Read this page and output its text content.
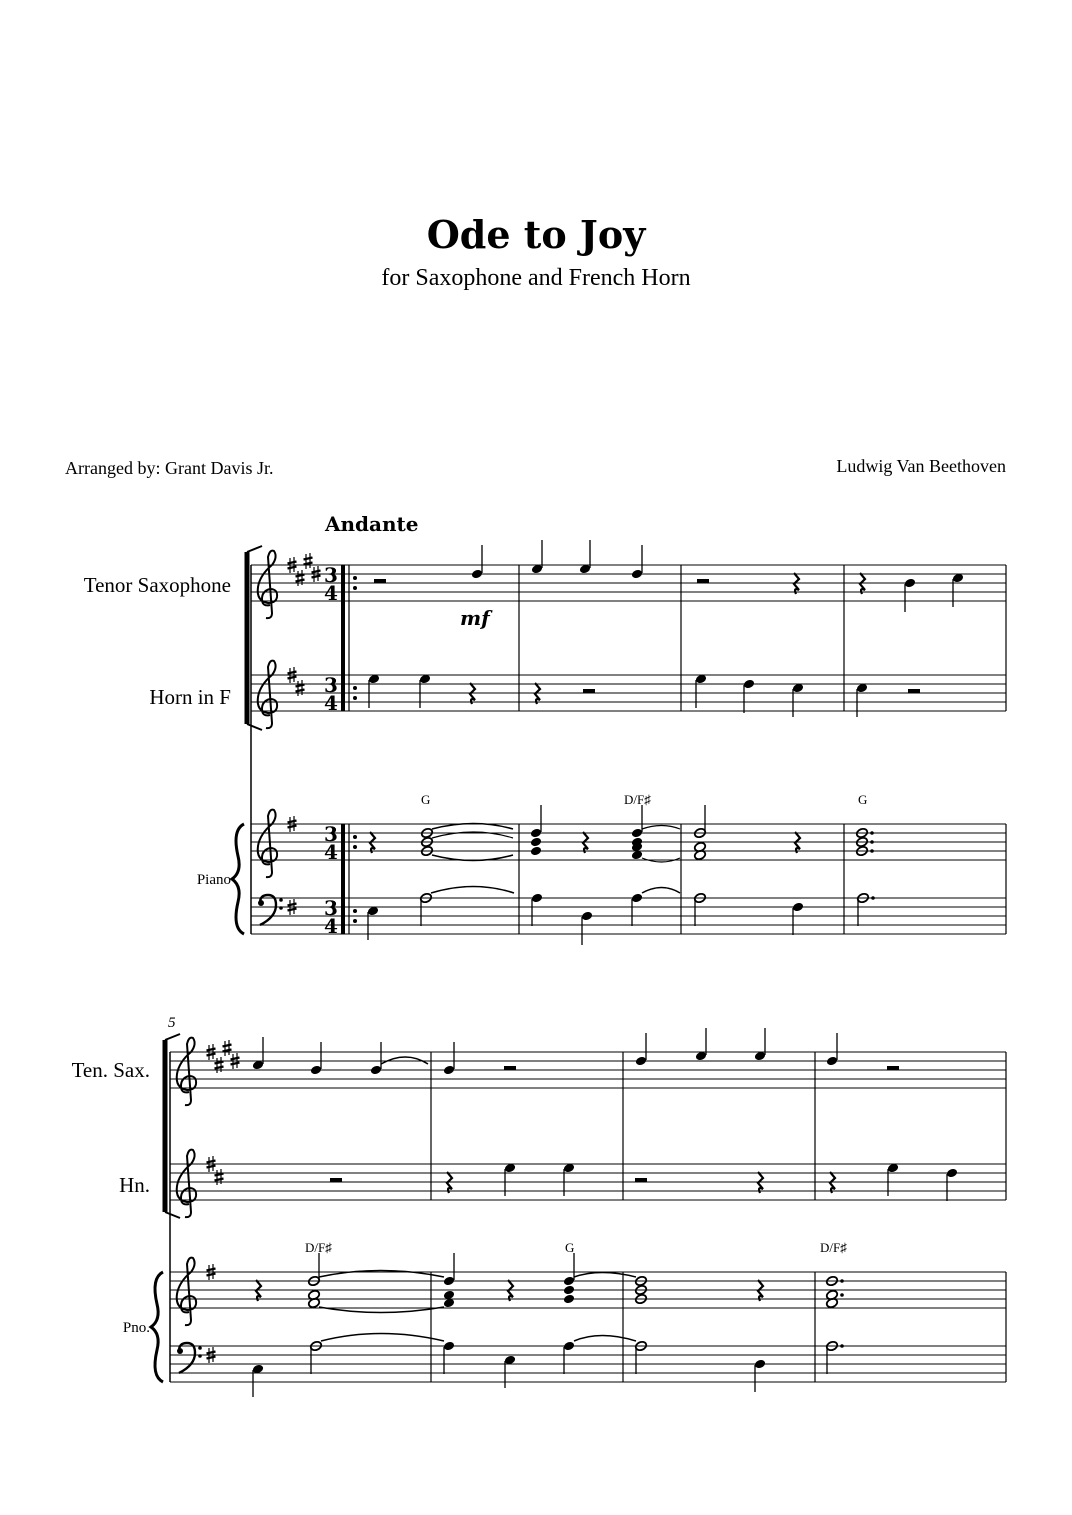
Ode to Joy
for Saxophone and French Horn
Arranged by: Grant Davis Jr.	Ludwig Van Beethoven
Andante
Tenor Saxophone
Horn in F
Piano
G	D/F♯	G
5
Ten. Sax.
Hn.
Pno.
D/F♯	G	D/F♯
3
4
3
4
3
4
3
4
mf
